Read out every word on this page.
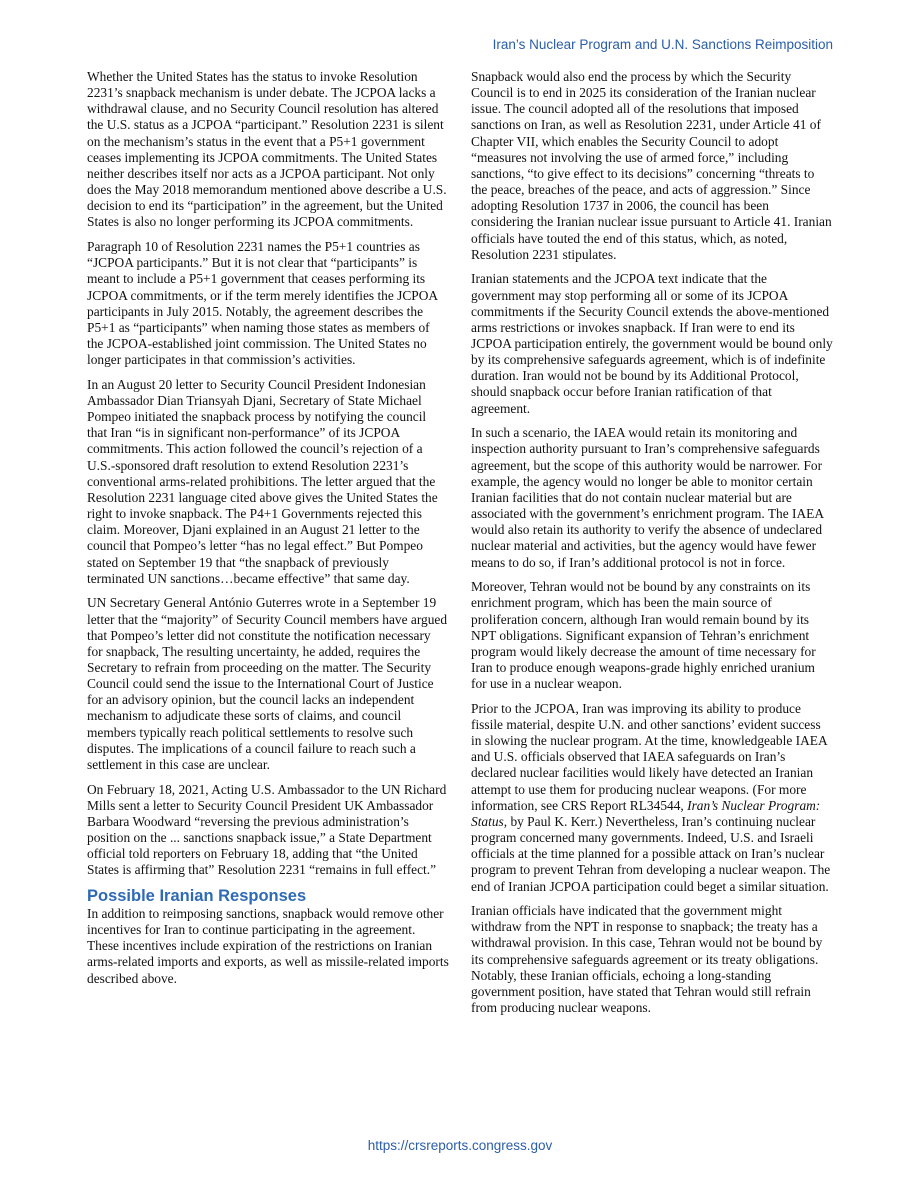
Iran’s Nuclear Program and U.N. Sanctions Reimposition

Whether the United States has the status to invoke Resolution 2231’s snapback mechanism is under debate. The JCPOA lacks a withdrawal clause, and no Security Council resolution has altered the U.S. status as a JCPOA “participant.” Resolution 2231 is silent on the mechanism’s status in the event that a P5+1 government ceases implementing its JCPOA commitments. The United States neither describes itself nor acts as a JCPOA participant. Not only does the May 2018 memorandum mentioned above describe a U.S. decision to end its “participation” in the agreement, but the United States is also no longer performing its JCPOA commitments.

Paragraph 10 of Resolution 2231 names the P5+1 countries as “JCPOA participants.” But it is not clear that “participants” is meant to include a P5+1 government that ceases performing its JCPOA commitments, or if the term merely identifies the JCPOA participants in July 2015. Notably, the agreement describes the P5+1 as “participants” when naming those states as members of the JCPOA-established joint commission. The United States no longer participates in that commission’s activities.

In an August 20 letter to Security Council President Indonesian Ambassador Dian Triansyah Djani, Secretary of State Michael Pompeo initiated the snapback process by notifying the council that Iran “is in significant non-performance” of its JCPOA commitments. This action followed the council’s rejection of a U.S.-sponsored draft resolution to extend Resolution 2231’s conventional arms-related prohibitions. The letter argued that the Resolution 2231 language cited above gives the United States the right to invoke snapback. The P4+1 Governments rejected this claim. Moreover, Djani explained in an August 21 letter to the council that Pompeo’s letter “has no legal effect.” But Pompeo stated on September 19 that “the snapback of previously terminated UN sanctions…became effective” that same day.

UN Secretary General António Guterres wrote in a September 19 letter that the “majority” of Security Council members have argued that Pompeo’s letter did not constitute the notification necessary for snapback, The resulting uncertainty, he added, requires the Secretary to refrain from proceeding on the matter. The Security Council could send the issue to the International Court of Justice for an advisory opinion, but the council lacks an independent mechanism to adjudicate these sorts of claims, and council members typically reach political settlements to resolve such disputes. The implications of a council failure to reach such a settlement in this case are unclear.

On February 18, 2021, Acting U.S. Ambassador to the UN Richard Mills sent a letter to Security Council President UK Ambassador Barbara Woodward “reversing the previous administration’s position on the ... sanctions snapback issue,” a State Department official told reporters on February 18, adding that “the United States is affirming that” Resolution 2231 “remains in full effect.”

Possible Iranian Responses

In addition to reimposing sanctions, snapback would remove other incentives for Iran to continue participating in the agreement. These incentives include expiration of the restrictions on Iranian arms-related imports and exports, as well as missile-related imports described above.

Snapback would also end the process by which the Security Council is to end in 2025 its consideration of the Iranian nuclear issue. The council adopted all of the resolutions that imposed sanctions on Iran, as well as Resolution 2231, under Article 41 of Chapter VII, which enables the Security Council to adopt “measures not involving the use of armed force,” including sanctions, “to give effect to its decisions” concerning “threats to the peace, breaches of the peace, and acts of aggression.” Since adopting Resolution 1737 in 2006, the council has been considering the Iranian nuclear issue pursuant to Article 41. Iranian officials have touted the end of this status, which, as noted, Resolution 2231 stipulates.

Iranian statements and the JCPOA text indicate that the government may stop performing all or some of its JCPOA commitments if the Security Council extends the above-mentioned arms restrictions or invokes snapback. If Iran were to end its JCPOA participation entirely, the government would be bound only by its comprehensive safeguards agreement, which is of indefinite duration. Iran would not be bound by its Additional Protocol, should snapback occur before Iranian ratification of that agreement.

In such a scenario, the IAEA would retain its monitoring and inspection authority pursuant to Iran’s comprehensive safeguards agreement, but the scope of this authority would be narrower. For example, the agency would no longer be able to monitor certain Iranian facilities that do not contain nuclear material but are associated with the government’s enrichment program. The IAEA would also retain its authority to verify the absence of undeclared nuclear material and activities, but the agency would have fewer means to do so, if Iran’s additional protocol is not in force.

Moreover, Tehran would not be bound by any constraints on its enrichment program, which has been the main source of proliferation concern, although Iran would remain bound by its NPT obligations. Significant expansion of Tehran’s enrichment program would likely decrease the amount of time necessary for Iran to produce enough weapons-grade highly enriched uranium for use in a nuclear weapon.

Prior to the JCPOA, Iran was improving its ability to produce fissile material, despite U.N. and other sanctions’ evident success in slowing the nuclear program. At the time, knowledgeable IAEA and U.S. officials observed that IAEA safeguards on Iran’s declared nuclear facilities would likely have detected an Iranian attempt to use them for producing nuclear weapons. (For more information, see CRS Report RL34544, Iran’s Nuclear Program: Status, by Paul K. Kerr.) Nevertheless, Iran’s continuing nuclear program concerned many governments. Indeed, U.S. and Israeli officials at the time planned for a possible attack on Iran’s nuclear program to prevent Tehran from developing a nuclear weapon. The end of Iranian JCPOA participation could beget a similar situation.

Iranian officials have indicated that the government might withdraw from the NPT in response to snapback; the treaty has a withdrawal provision. In this case, Tehran would not be bound by its comprehensive safeguards agreement or its treaty obligations. Notably, these Iranian officials, echoing a long-standing government position, have stated that Tehran would still refrain from producing nuclear weapons.

https://crsreports.congress.gov
